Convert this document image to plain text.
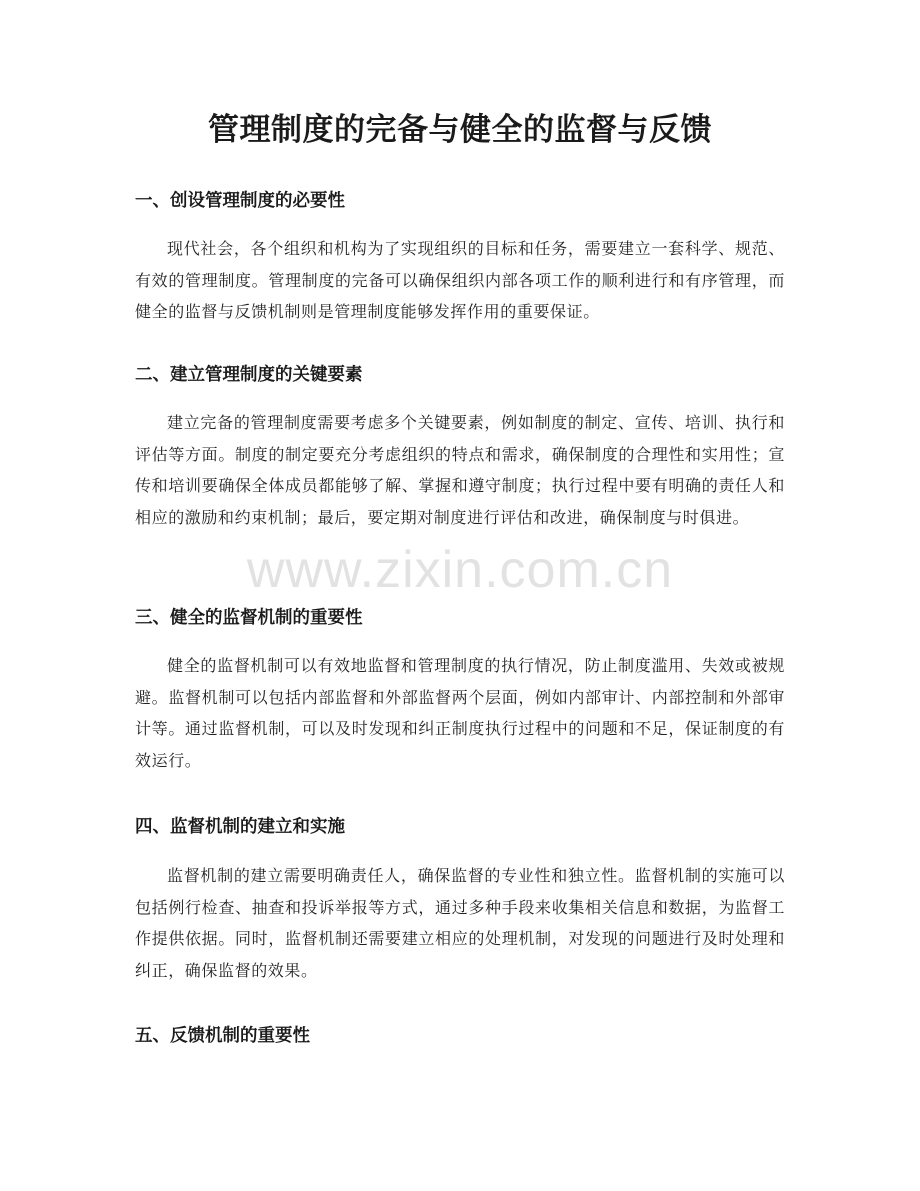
管理制度的完备与健全的监督与反馈
一、创设管理制度的必要性
现代社会，各个组织和机构为了实现组织的目标和任务，需要建立一套科学、规范、有效的管理制度。管理制度的完备可以确保组织内部各项工作的顺利进行和有序管理，而健全的监督与反馈机制则是管理制度能够发挥作用的重要保证。
二、建立管理制度的关键要素
建立完备的管理制度需要考虑多个关键要素，例如制度的制定、宣传、培训、执行和评估等方面。制度的制定要充分考虑组织的特点和需求，确保制度的合理性和实用性；宣传和培训要确保全体成员都能够了解、掌握和遵守制度；执行过程中要有明确的责任人和相应的激励和约束机制；最后，要定期对制度进行评估和改进，确保制度与时俱进。
三、健全的监督机制的重要性
健全的监督机制可以有效地监督和管理制度的执行情况，防止制度滥用、失效或被规避。监督机制可以包括内部监督和外部监督两个层面，例如内部审计、内部控制和外部审计等。通过监督机制，可以及时发现和纠正制度执行过程中的问题和不足，保证制度的有效运行。
四、监督机制的建立和实施
监督机制的建立需要明确责任人，确保监督的专业性和独立性。监督机制的实施可以包括例行检查、抽查和投诉举报等方式，通过多种手段来收集相关信息和数据，为监督工作提供依据。同时，监督机制还需要建立相应的处理机制，对发现的问题进行及时处理和纠正，确保监督的效果。
五、反馈机制的重要性
www.zixin.com.cn
